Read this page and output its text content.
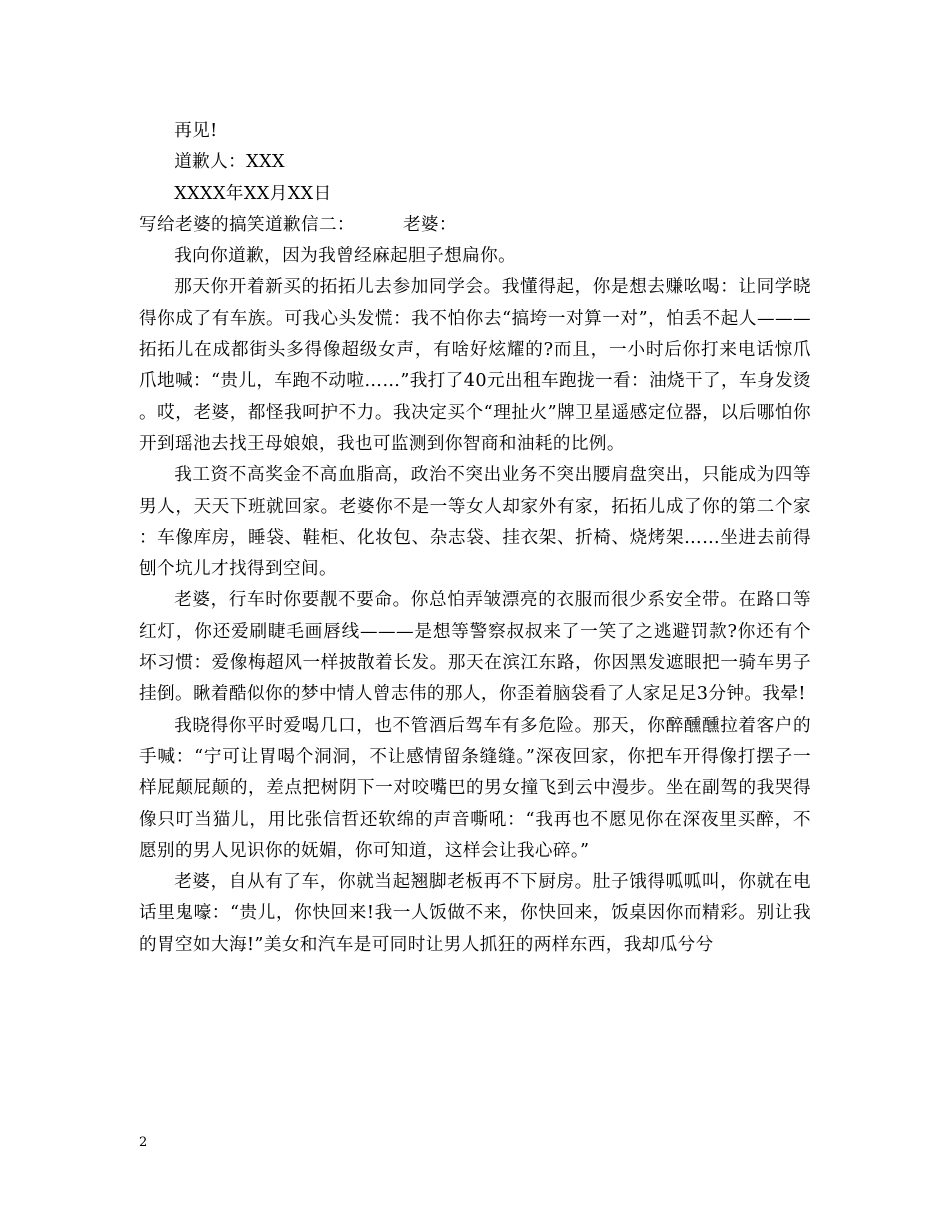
再见!

道歉人：XXX

XXXX年XX月XX日

写给老婆的搞笑道歉信二：	老婆：

我向你道歉，因为我曾经麻起胆子想扁你。

那天你开着新买的拓拓儿去参加同学会。我懂得起，你是想去赚吆喝：让同学晓得你成了有车族。可我心头发慌：我不怕你去“搞垮一对算一对”，怕丢不起人———拓拓儿在成都街头多得像超级女声，有啥好炫耀的?而且，一小时后你打来电话惊爪爪地喊：“贵儿，车跑不动啦……”我打了40元出租车跑拢一看：油烧干了，车身发烫。哎，老婆，都怪我呵护不力。我决定买个“理扯火”牌卫星遥感定位器，以后哪怕你开到瑶池去找王母娘娘，我也可监测到你智商和油耗的比例。

我工资不高奖金不高血脂高，政治不突出业务不突出腰肩盘突出，只能成为四等男人，天天下班就回家。老婆你不是一等女人却家外有家，拓拓儿成了你的第二个家：车像库房，睡袋、鞋柜、化妆包、杂志袋、挂衣架、折椅、烧烤架……坐进去前得刨个坑儿才找得到空间。

老婆，行车时你要靓不要命。你总怕弄皱漂亮的衣服而很少系安全带。在路口等红灯，你还爱刷睫毛画唇线———是想等警察叔叔来了一笑了之逃避罚款?你还有个坏习惯：爱像梅超风一样披散着长发。那天在滨江东路，你因黑发遮眼把一骑车男子挂倒。瞅着酷似你的梦中情人曾志伟的那人，你歪着脑袋看了人家足足3分钟。我晕!

我晓得你平时爱喝几口，也不管酒后驾车有多危险。那天，你醉醺醺拉着客户的手喊：“宁可让胃喝个洞洞，不让感情留条缝缝。”深夜回家，你把车开得像打摆子一样屁颠屁颠的，差点把树阴下一对咬嘴巴的男女撞飞到云中漫步。坐在副驾的我哭得像只叮当猫儿，用比张信哲还软绵的声音嘶吼：“我再也不愿见你在深夜里买醉，不愿别的男人见识你的妩媚，你可知道，这样会让我心碎。”

老婆，自从有了车，你就当起翘脚老板再不下厨房。肚子饿得呱呱叫，你就在电话里鬼嚎：“贵儿，你快回来!我一人饭做不来，你快回来，饭桌因你而精彩。别让我的胃空如大海!”美女和汽车是可同时让男人抓狂的两样东西，我却瓜兮兮

2
